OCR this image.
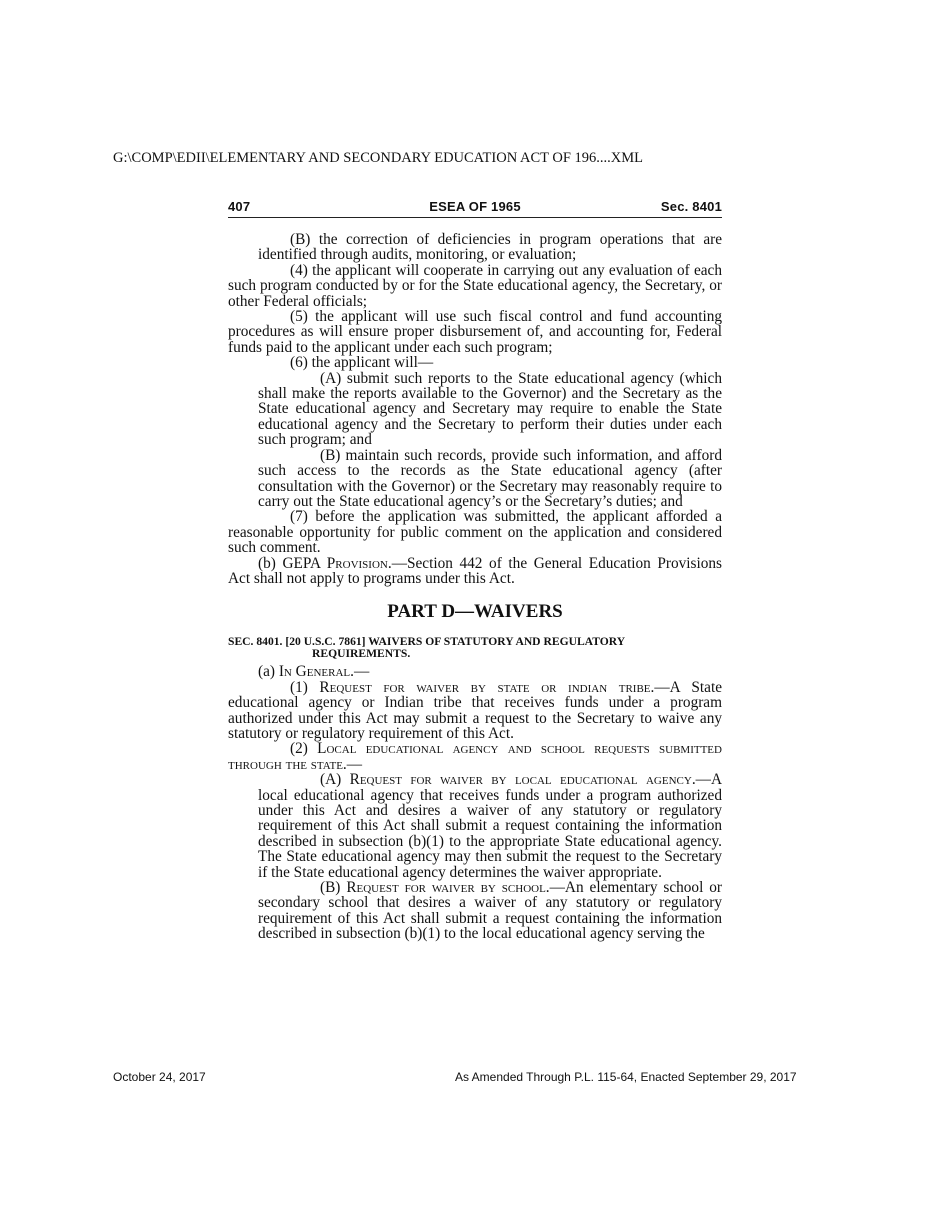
G:\COMP\EDII\ELEMENTARY AND SECONDARY EDUCATION ACT OF 196....XML
407	ESEA OF 1965	Sec. 8401

(B) the correction of deficiencies in program operations that are identified through audits, monitoring, or evaluation;

(4) the applicant will cooperate in carrying out any evaluation of each such program conducted by or for the State educational agency, the Secretary, or other Federal officials;

(5) the applicant will use such fiscal control and fund accounting procedures as will ensure proper disbursement of, and accounting for, Federal funds paid to the applicant under each such program;

(6) the applicant will—

(A) submit such reports to the State educational agency (which shall make the reports available to the Governor) and the Secretary as the State educational agency and Secretary may require to enable the State educational agency and the Secretary to perform their duties under each such program; and

(B) maintain such records, provide such information, and afford such access to the records as the State educational agency (after consultation with the Governor) or the Secretary may reasonably require to carry out the State educational agency’s or the Secretary’s duties; and

(7) before the application was submitted, the applicant afforded a reasonable opportunity for public comment on the application and considered such comment.

(b) GEPA Provision.—Section 442 of the General Education Provisions Act shall not apply to programs under this Act.

PART D—WAIVERS
SEC. 8401. [20 U.S.C. 7861] WAIVERS OF STATUTORY AND REGULATORY
REQUIREMENTS.

(a) In General.—

(1) Request for waiver by state or indian tribe.—A State educational agency or Indian tribe that receives funds under a program authorized under this Act may submit a request to the Secretary to waive any statutory or regulatory requirement of this Act.

(2) Local educational agency and school requests submitted through the state.—

(A) Request for waiver by local educational agency.—A local educational agency that receives funds under a program authorized under this Act and desires a waiver of any statutory or regulatory requirement of this Act shall submit a request containing the information described in subsection (b)(1) to the appropriate State educational agency. The State educational agency may then submit the request to the Secretary if the State educational agency determines the waiver appropriate.

(B) Request for waiver by school.—An elementary school or secondary school that desires a waiver of any statutory or regulatory requirement of this Act shall submit a request containing the information described in subsection (b)(1) to the local educational agency serving the

October 24, 2017	As Amended Through P.L. 115-64, Enacted September 29, 2017
